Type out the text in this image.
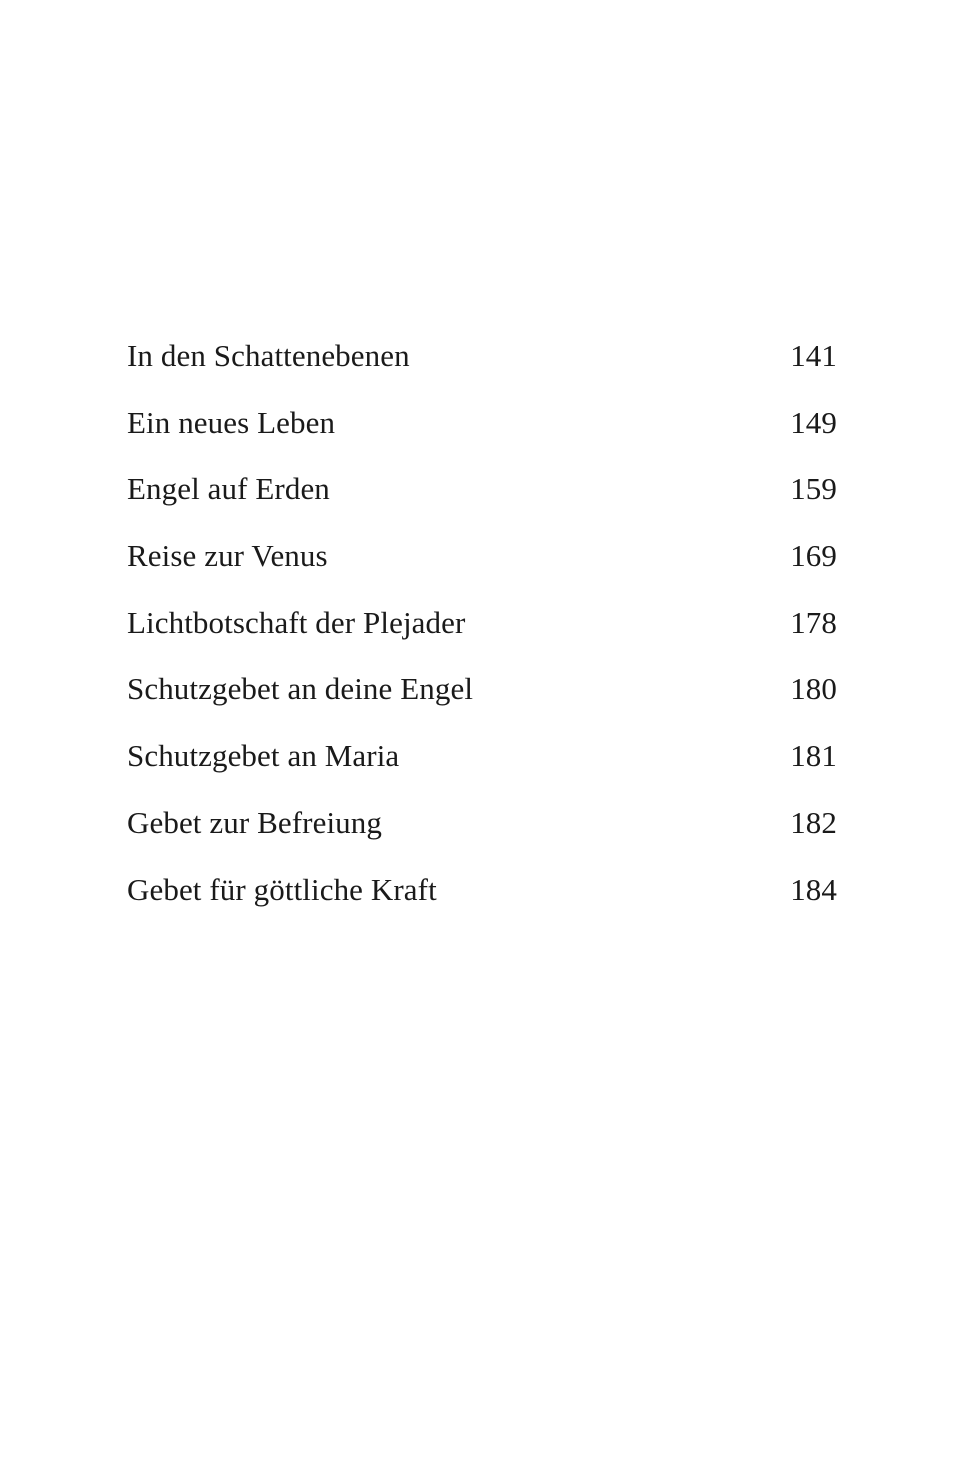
In den Schattenebenen	141
Ein neues Leben	149
Engel auf Erden	159
Reise zur Venus	169
Lichtbotschaft der Plejader	178
Schutzgebet an deine Engel	180
Schutzgebet an Maria	181
Gebet zur Befreiung	182
Gebet für göttliche Kraft	184
